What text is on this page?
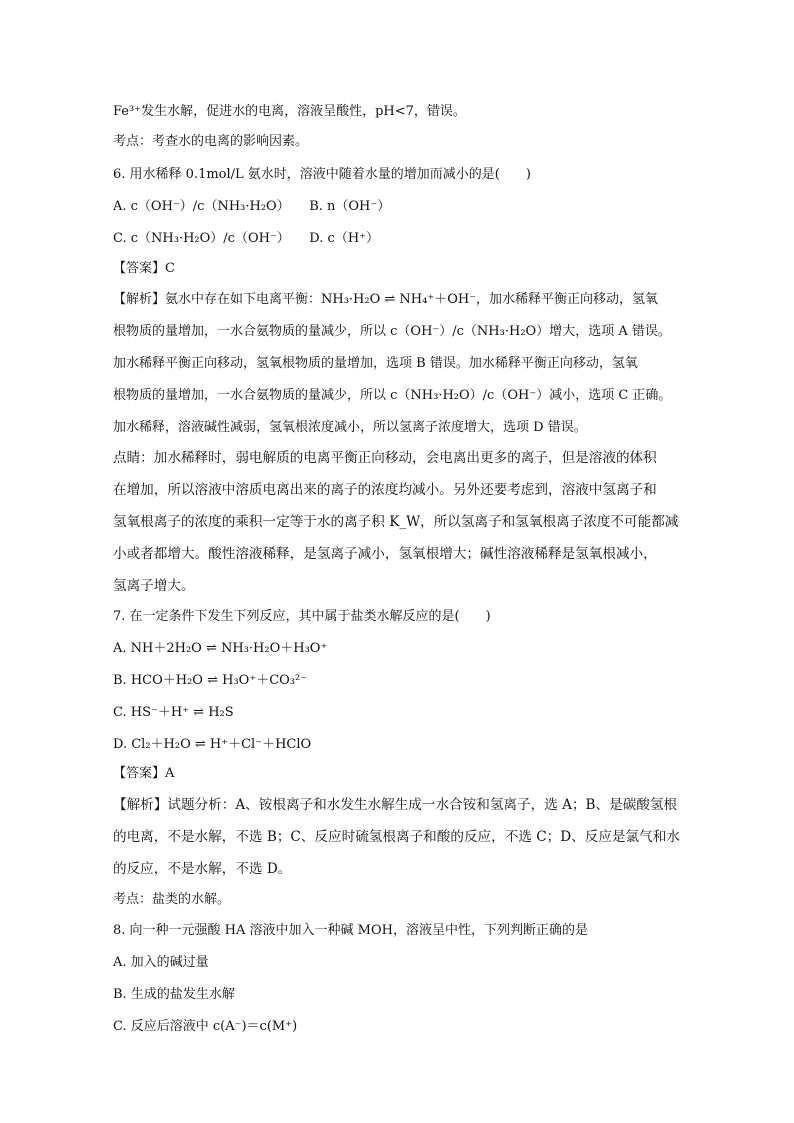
Fe³⁺发生水解，促进水的电离，溶液呈酸性，pH<7，错误。
考点：考查水的电离的影响因素。
6. 用水稀释 0.1mol/L 氨水时，溶液中随着水量的增加而减小的是(　　)
A. c（OH⁻）/c（NH₃·H₂O）　　B. n（OH⁻）
C. c（NH₃·H₂O）/c（OH⁻）　　D. c（H⁺）
【答案】C
【解析】氨水中存在如下电离平衡：NH₃·H₂O ⇌ NH₄⁺＋OH⁻，加水稀释平衡正向移动，氢氧
根物质的量增加，一水合氨物质的量减少，所以 c（OH⁻）/c（NH₃·H₂O）增大，选项 A 错误。
加水稀释平衡正向移动，氢氧根物质的量增加，选项 B 错误。加水稀释平衡正向移动，氢氧
根物质的量增加，一水合氨物质的量减少，所以 c（NH₃·H₂O）/c（OH⁻）减小，选项 C 正确。
加水稀释，溶液碱性减弱，氢氧根浓度减小，所以氢离子浓度增大，选项 D 错误。
点睛：加水稀释时，弱电解质的电离平衡正向移动，会电离出更多的离子，但是溶液的体积
在增加，所以溶液中溶质电离出来的离子的浓度均减小。另外还要考虑到，溶液中氢离子和
氢氧根离子的浓度的乘积一定等于水的离子积 K_W，所以氢离子和氢氧根离子浓度不可能都减
小或者都增大。酸性溶液稀释，是氢离子减小，氢氧根增大；碱性溶液稀释是氢氧根减小，
氢离子增大。
7. 在一定条件下发生下列反应，其中属于盐类水解反应的是(　　)
A. NH＋2H₂O ⇌ NH₃·H₂O＋H₃O⁺
B. HCO＋H₂O ⇌ H₃O⁺＋CO₃²⁻
C. HS⁻＋H⁺ ⇌ H₂S
D. Cl₂＋H₂O ⇌ H⁺＋Cl⁻＋HClO
【答案】A
【解析】试题分析：A、铵根离子和水发生水解生成一水合铵和氢离子，选 A；B、是碳酸氢根
的电离，不是水解，不选 B；C、反应时硫氢根离子和酸的反应，不选 C；D、反应是氯气和水
的反应，不是水解，不选 D。
考点：盐类的水解。
8. 向一种一元强酸 HA 溶液中加入一种碱 MOH，溶液呈中性，下列判断正确的是
A. 加入的碱过量
B. 生成的盐发生水解
C. 反应后溶液中 c(A⁻)＝c(M⁺)
